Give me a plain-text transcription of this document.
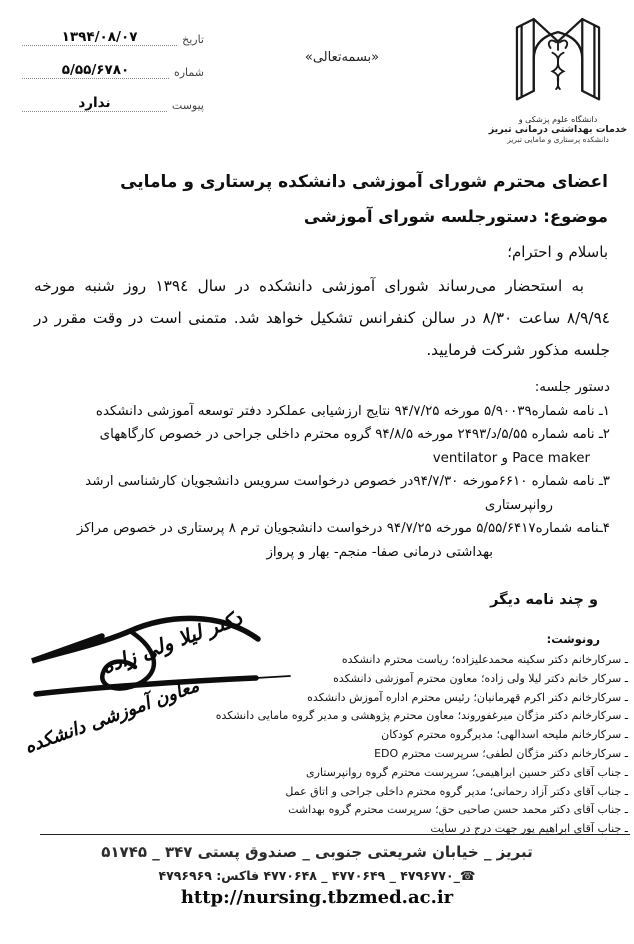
تاریخ
۱۳۹۴/۰۸/۰۷
شماره
۵/۵۵/۶۷۸۰
پیوست
ندارد
«بسمه‌تعالی»
دانشگاه علوم پزشکی و
خدمات بهداشتی درمانی تبریز
دانشکده پرستاری و مامایی تبریز
اعضای محترم شورای آموزشی دانشکده پرستاری و مامایی
موضوع: دستورجلسه شورای آموزشی
باسلام و احترام؛
به استحضار می‌رساند شورای آموزشی دانشکده در سال ۱۳۹٤ روز شنبه مورخه
۹٤/۸/۹ ساعت ۸/۳۰ در سالن کنفرانس تشکیل خواهد شد. متمنی است در وقت مقرر در
جلسه مذکور شرکت فرمایید.
دستور جلسه:
۱ـ نامه شماره۵/۹۰۰۳۹ مورخه ۹۴/۷/۲۵ نتایج ارزشیابی عملکرد دفتر توسعه آموزشی دانشکده
۲ـ نامه شماره ۵/۵۵/د/۲۴۹۳ مورخه ۹۴/۸/۵ گروه محترم داخلی جراحی در خصوص کارگاههای
Pace maker و ventilator
۳ـ نامه شماره ۶۶۱۰مورخه ۹۴/۷/۳۰در خصوص درخواست سرویس دانشجویان کارشناسی ارشد
روانپرستاری
۴ـنامه شماره۵/۵۵/۶۴۱۷ مورخه ۹۴/۷/۲۵ درخواست دانشجویان ترم ۸ پرستاری در خصوص مراکز
بهداشتی درمانی صفا- منجم- بهار و پرواز
و چند نامه دیگر
دکتر لیلا ولی زاده
معاون آموزشی دانشکده
رونوشت:
ـ سرکارخانم دکتر سکینه محمدعلیزاده؛ ریاست محترم دانشکده
ـ سرکار خانم دکتر لیلا ولی زاده؛ معاون محترم آموزشی دانشکده
ـ سرکارخانم دکتر اکرم قهرمانیان؛ رئیس محترم اداره آموزش دانشکده
ـ سرکارخانم دکتر مژگان میرغفوروند؛ معاون محترم پژوهشی و مدیر گروه مامایی دانشکده
ـ سرکارخانم ملیحه اسدالهی؛ مدیرگروه محترم کودکان
ـ سرکارخانم دکتر مژگان لطفی؛ سرپرست محترم EDO
ـ جناب آقای دکتر حسین ابراهیمی؛ سرپرست محترم گروه روانپرستاری
ـ جناب آقای دکتر آزاد رحمانی؛ مدیر گروه محترم داخلی جراحی و اتاق عمل
ـ جناب آقای دکتر محمد حسن صاحبی حق؛ سرپرست محترم گروه بهداشت
ـ جناب آقای ابراهیم پور جهت درج در سایت
تبریز _ خیابان شریعتی جنوبی _ صندوق پستی ۳۴۷ _ ۵۱۷۴۵
☎_۴۷۹۶۷۷۰ _ ۴۷۷۰۶۴۹ _ ۴۷۷۰۶۴۸ فاکس: ۴۷۹۶۹۶۹
http://nursing.tbzmed.ac.ir
